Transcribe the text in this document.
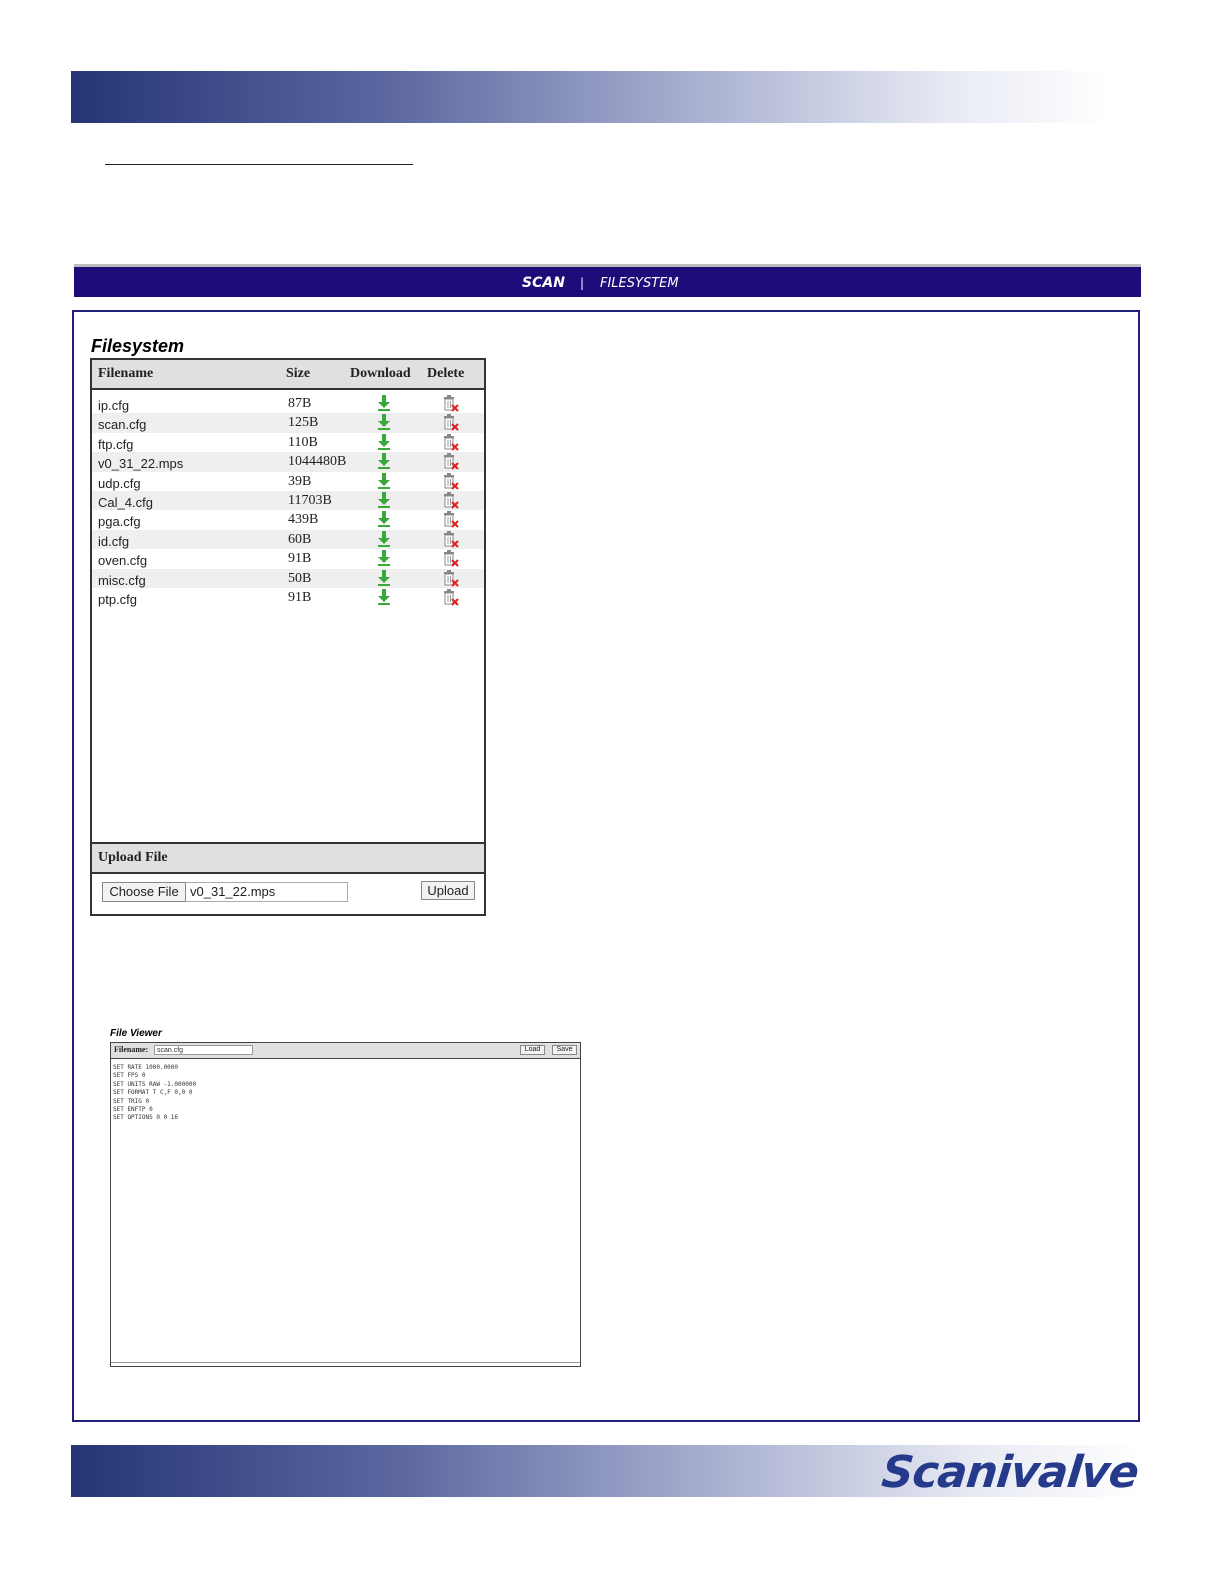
SCAN | FILESYSTEM
Filesystem
Filename	Size	Download Delete
ip.cfg	87B
scan.cfg	125B
ftp.cfg	110B
v0_31_22.mps	1044480B
udp.cfg	39B
Cal_4.cfg	11703B
pga.cfg	439B
id.cfg	60B
oven.cfg	91B
misc.cfg	50B
ptp.cfg	91B
Upload File
Choose File v0_31_22.mps	Upload
File Viewer
Filename:	scan.cfg	Load	Save
SET RATE 1000.0000
SET FPS 0
SET UNITS RAW -1.000000
SET FORMAT T C,F 0,0 0
SET TRIG 0
SET ENFTP 0
SET OPTIONS 0 0 16
Scanivalve
